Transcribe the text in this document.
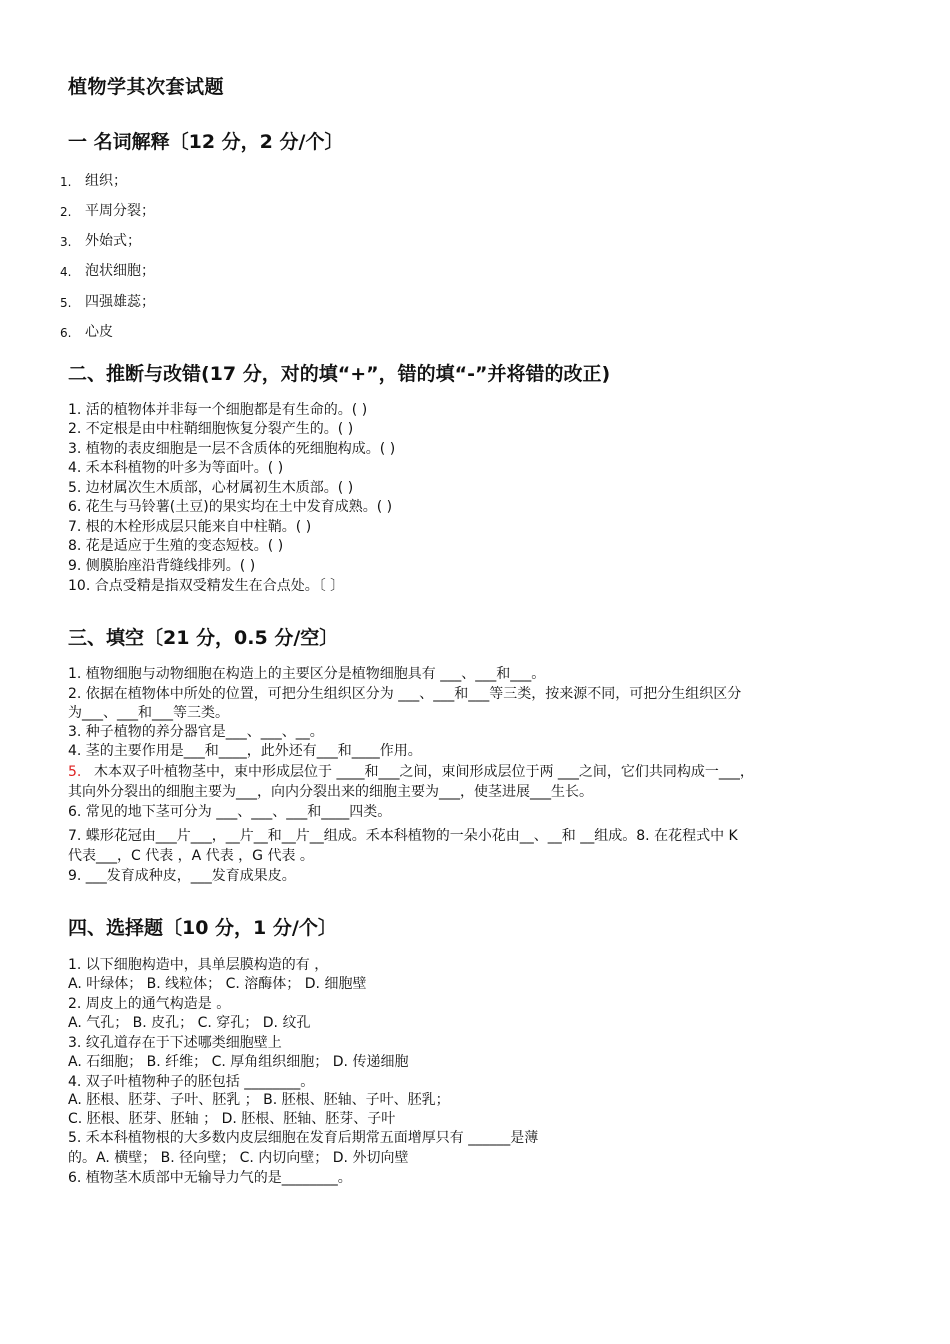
植物学其次套试题
一 名词解释〔12 分，2 分/个〕
1. 组织；
2. 平周分裂；
3. 外始式；
4. 泡状细胞；
5. 四强雄蕊；
6. 心皮
二、推断与改错(17 分，对的填“+”，错的填“-”并将错的改正)
1. 活的植物体并非每一个细胞都是有生命的。( )
2. 不定根是由中柱鞘细胞恢复分裂产生的。( )
3. 植物的表皮细胞是一层不含质体的死细胞构成。( )
4. 禾本科植物的叶多为等面叶。( )
5. 边材属次生木质部，心材属初生木质部。( )
6. 花生与马铃薯(土豆)的果实均在土中发育成熟。( )
7. 根的木栓形成层只能来自中柱鞘。( )
8. 花是适应于生殖的变态短枝。( )
9. 侧膜胎座沿背缝线排列。( )
10. 合点受精是指双受精发生在合点处。〔 〕
三、填空〔21 分，0.5 分/空〕
1. 植物细胞与动物细胞在构造上的主要区分是植物细胞具有 ___、___和___。
2. 依据在植物体中所处的位置，可把分生组织区分为 ___、___和___等三类，按来源不同，可把分生组织区分
为___、___和___等三类。
3. 种子植物的养分器官是___、___、__。
4. 茎的主要作用是___和____，此外还有___和____作用。
5. 木本双子叶植物茎中，束中形成层位于 ____和___之间，束间形成层位于两 ___之间，它们共同构成一___，
其向外分裂出的细胞主要为___，向内分裂出来的细胞主要为___，使茎进展___生长。
6. 常见的地下茎可分为 ___、___、___和____四类。
7. 蝶形花冠由___片___，__片__和__片__组成。禾本科植物的一朵小花由__、__和 __组成。8. 在花程式中 K
代表___，C 代表 ，A 代表 ，G 代表 。
9. ___发育成种皮，___发育成果皮。
四、选择题〔10 分，1 分/个〕
1. 以下细胞构造中，具单层膜构造的有 ，
A. 叶绿体； B. 线粒体； C. 溶酶体； D. 细胞壁
2. 周皮上的通气构造是 。
A. 气孔； B. 皮孔； C. 穿孔； D. 纹孔
3. 纹孔道存在于下述哪类细胞壁上
A. 石细胞； B. 纤维； C. 厚角组织细胞； D. 传递细胞
4. 双子叶植物种子的胚包括 ________。
A. 胚根、胚芽、子叶、胚乳 ； B. 胚根、胚轴、子叶、胚乳；
C. 胚根、胚芽、胚轴 ； D. 胚根、胚轴、胚芽、子叶
5. 禾本科植物根的大多数内皮层细胞在发育后期常五面增厚只有 ______是薄
的。A. 横壁； B. 径向壁； C. 内切向壁； D. 外切向壁
6. 植物茎木质部中无输导力气的是________。
